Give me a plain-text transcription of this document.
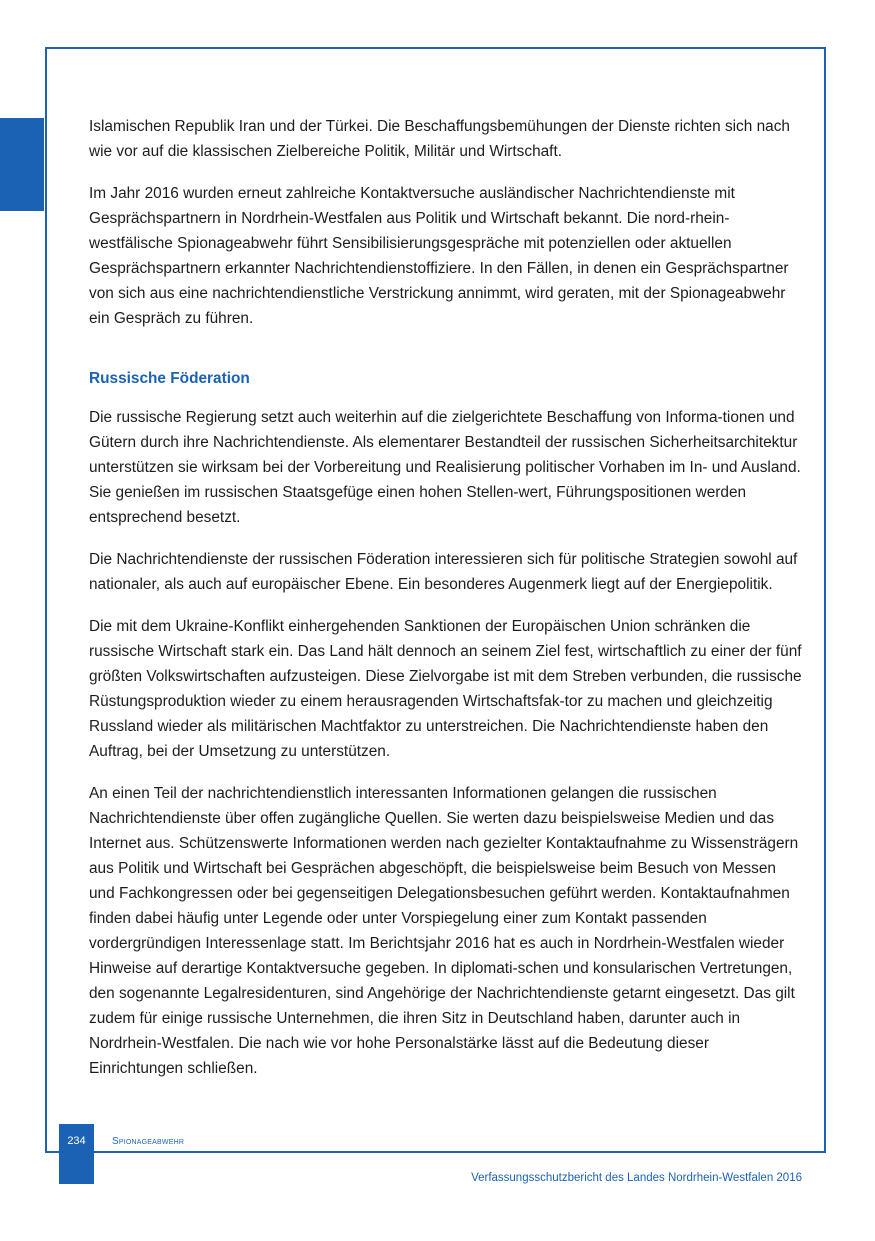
Islamischen Republik Iran und der Türkei. Die Beschaffungsbemühungen der Dienste richten sich nach wie vor auf die klassischen Zielbereiche Politik, Militär und Wirtschaft.

Im Jahr 2016 wurden erneut zahlreiche Kontaktversuche ausländischer Nachrichtendienste mit Gesprächspartnern in Nordrhein-Westfalen aus Politik und Wirtschaft bekannt. Die nord-rhein-westfälische Spionageabwehr führt Sensibilisierungsgespräche mit potenziellen oder aktuellen Gesprächspartnern erkannter Nachrichtendienstoffiziere. In den Fällen, in denen ein Gesprächspartner von sich aus eine nachrichtendienstliche Verstrickung annimmt, wird geraten, mit der Spionageabwehr ein Gespräch zu führen.

Russische Föderation

Die russische Regierung setzt auch weiterhin auf die zielgerichtete Beschaffung von Informa-tionen und Gütern durch ihre Nachrichtendienste. Als elementarer Bestandteil der russischen Sicherheitsarchitektur unterstützen sie wirksam bei der Vorbereitung und Realisierung politischer Vorhaben im In- und Ausland. Sie genießen im russischen Staatsgefüge einen hohen Stellen-wert, Führungspositionen werden entsprechend besetzt.

Die Nachrichtendienste der russischen Föderation interessieren sich für politische Strategien sowohl auf nationaler, als auch auf europäischer Ebene. Ein besonderes Augenmerk liegt auf der Energiepolitik.

Die mit dem Ukraine-Konflikt einhergehenden Sanktionen der Europäischen Union schränken die russische Wirtschaft stark ein. Das Land hält dennoch an seinem Ziel fest, wirtschaftlich zu einer der fünf größten Volkswirtschaften aufzusteigen. Diese Zielvorgabe ist mit dem Streben verbunden, die russische Rüstungsproduktion wieder zu einem herausragenden Wirtschaftsfak-tor zu machen und gleichzeitig Russland wieder als militärischen Machtfaktor zu unterstreichen. Die Nachrichtendienste haben den Auftrag, bei der Umsetzung zu unterstützen.

An einen Teil der nachrichtendienstlich interessanten Informationen gelangen die russischen Nachrichtendienste über offen zugängliche Quellen. Sie werten dazu beispielsweise Medien und das Internet aus. Schützenswerte Informationen werden nach gezielter Kontaktaufnahme zu Wissensträgern aus Politik und Wirtschaft bei Gesprächen abgeschöpft, die beispielsweise beim Besuch von Messen und Fachkongressen oder bei gegenseitigen Delegationsbesuchen geführt werden. Kontaktaufnahmen finden dabei häufig unter Legende oder unter Vorspiegelung einer zum Kontakt passenden vordergründigen Interessenlage statt. Im Berichtsjahr 2016 hat es auch in Nordrhein-Westfalen wieder Hinweise auf derartige Kontaktversuche gegeben. In diplomati-schen und konsularischen Vertretungen, den sogenannte Legalresidenturen, sind Angehörige der Nachrichtendienste getarnt eingesetzt. Das gilt zudem für einige russische Unternehmen, die ihren Sitz in Deutschland haben, darunter auch in Nordrhein-Westfalen. Die nach wie vor hohe Personalstärke lässt auf die Bedeutung dieser Einrichtungen schließen.

234	Spionageabwehr
Verfassungsschutzbericht des Landes Nordrhein-Westfalen 2016
